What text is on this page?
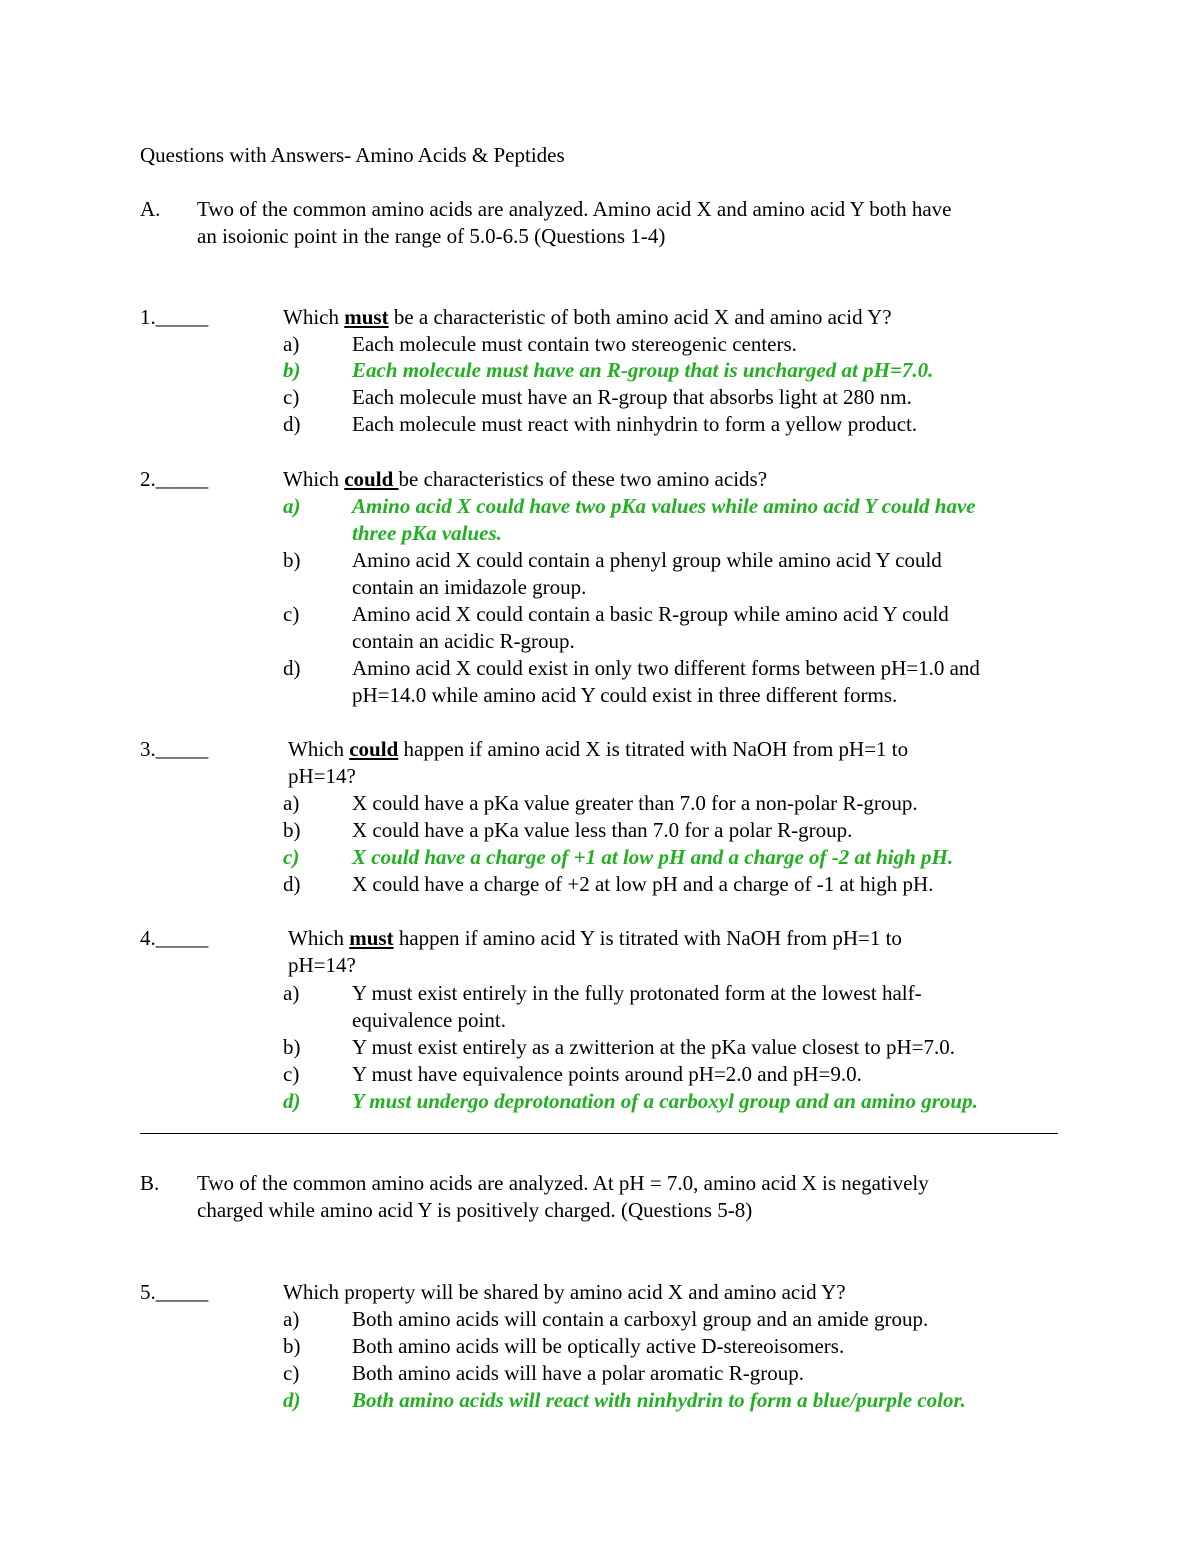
Questions with Answers- Amino Acids & Peptides
A. Two of the common amino acids are analyzed. Amino acid X and amino acid Y both have
an isoionic point in the range of 5.0-6.5 (Questions 1-4)
1._____	Which must be a characteristic of both amino acid X and amino acid Y?
a)	Each molecule must contain two stereogenic centers.
b) Each molecule must have an R-group that is uncharged at pH=7.0.
c)	Each molecule must have an R-group that absorbs light at 280 nm.
d) Each molecule must react with ninhydrin to form a yellow product.
2._____	Which could be characteristics of these two amino acids?
a) Amino acid X could have two pKa values while amino acid Y could have
three pKa values.
b) Amino acid X could contain a phenyl group while amino acid Y could
contain an imidazole group.
c)	Amino acid X could contain a basic R-group while amino acid Y could
contain an acidic R-group.
d) Amino acid X could exist in only two different forms between pH=1.0 and
pH=14.0 while amino acid Y could exist in three different forms.
3._____	Which could happen if amino acid X is titrated with NaOH from pH=1 to
pH=14?
a)	X could have a pKa value greater than 7.0 for a non-polar R-group.
b) X could have a pKa value less than 7.0 for a polar R-group.
c)	X could have a charge of +1 at low pH and a charge of -2 at high pH.
d) X could have a charge of +2 at low pH and a charge of -1 at high pH.
4._____	Which must happen if amino acid Y is titrated with NaOH from pH=1 to
pH=14?
a)	Y must exist entirely in the fully protonated form at the lowest half-
equivalence point.
b) Y must exist entirely as a zwitterion at the pKa value closest to pH=7.0.
c)	Y must have equivalence points around pH=2.0 and pH=9.0.
d) Y must undergo deprotonation of a carboxyl group and an amino group.
B. Two of the common amino acids are analyzed. At pH = 7.0, amino acid X is negatively
charged while amino acid Y is positively charged. (Questions 5-8)
5._____	Which property will be shared by amino acid X and amino acid Y?
a)	Both amino acids will contain a carboxyl group and an amide group.
b) Both amino acids will be optically active D-stereoisomers.
c)	Both amino acids will have a polar aromatic R-group.
d) Both amino acids will react with ninhydrin to form a blue/purple color.
